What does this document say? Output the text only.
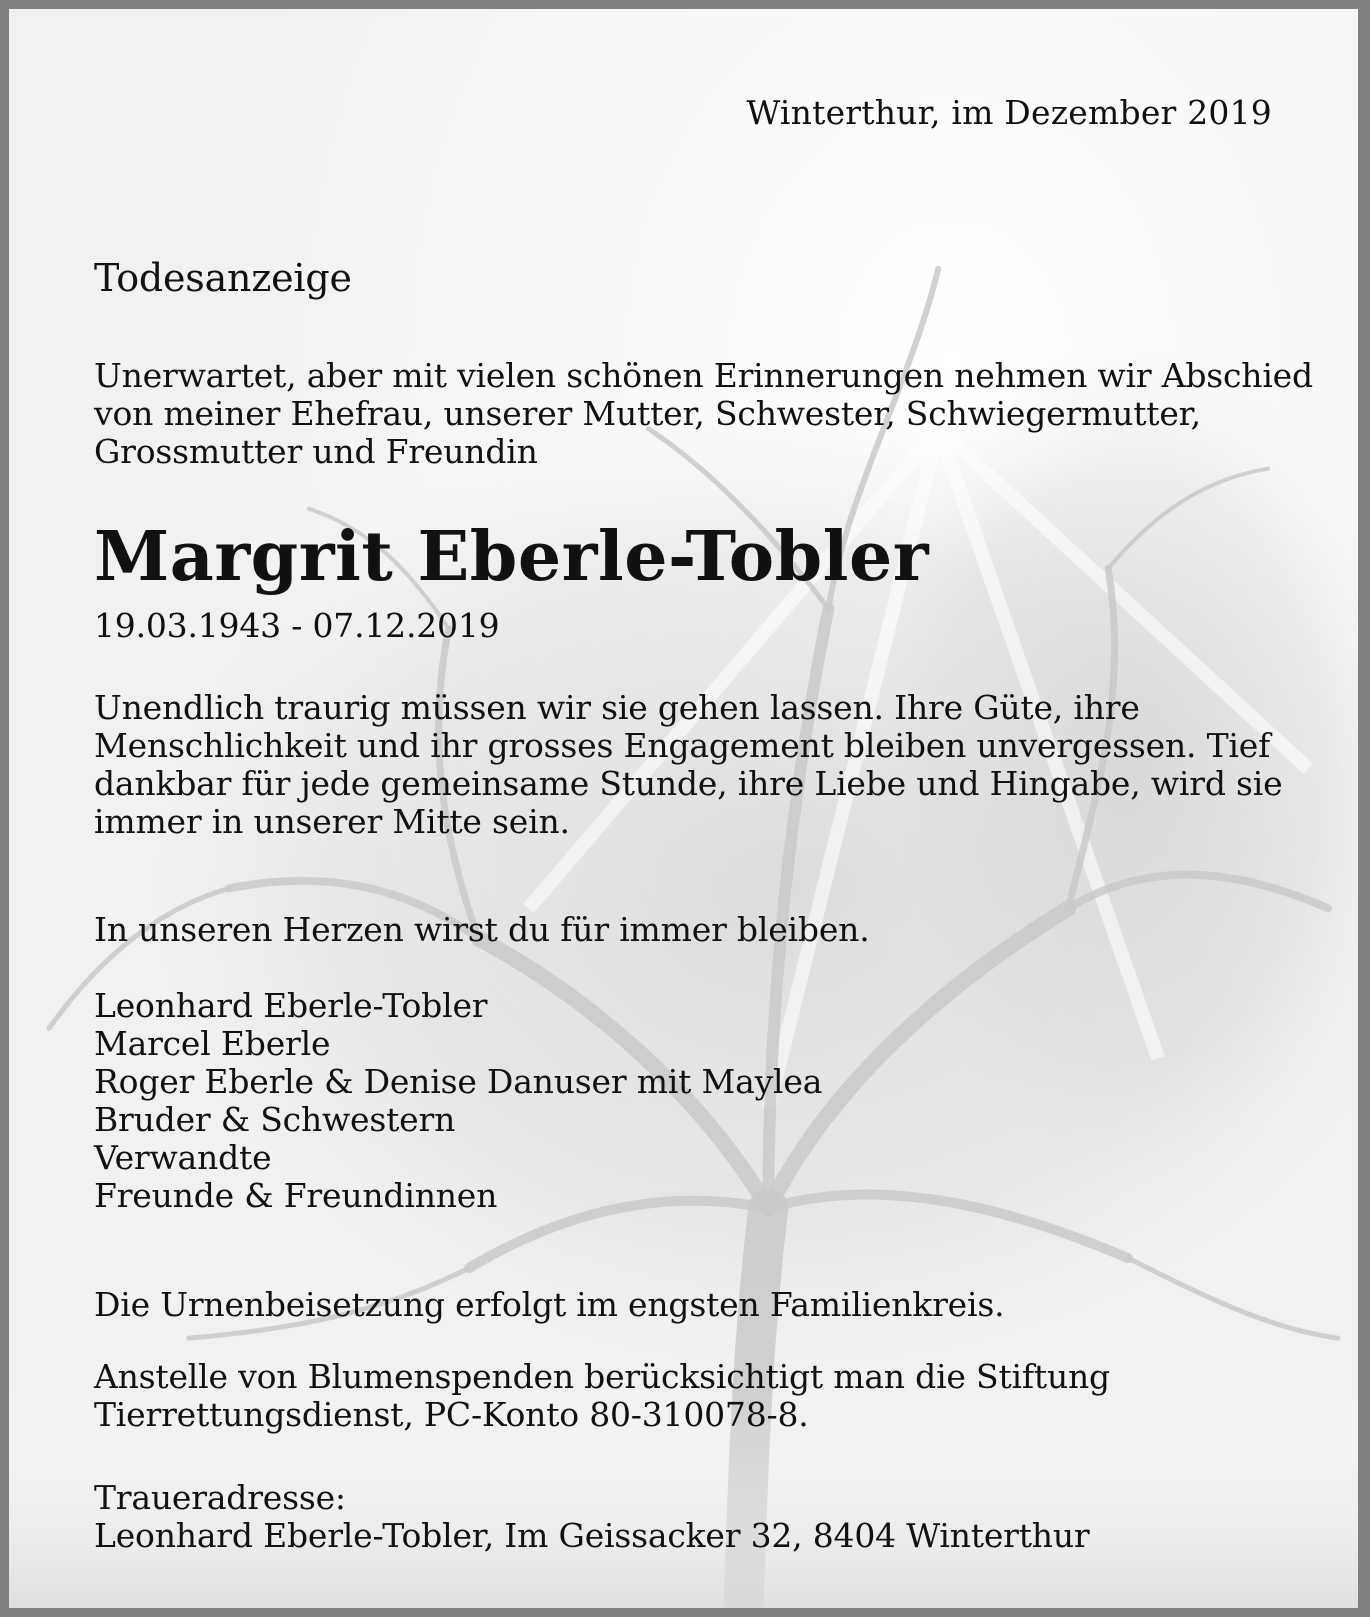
Winterthur, im Dezember 2019
Todesanzeige
Unerwartet, aber mit vielen schönen Erinnerungen nehmen wir Abschied
von meiner Ehefrau, unserer Mutter, Schwester, Schwiegermutter,
Grossmutter und Freundin
Margrit Eberle-Tobler
19.03.1943 - 07.12.2019
Unendlich traurig müssen wir sie gehen lassen. Ihre Güte, ihre
Menschlichkeit und ihr grosses Engagement bleiben unvergessen. Tief
dankbar für jede gemeinsame Stunde, ihre Liebe und Hingabe, wird sie
immer in unserer Mitte sein.
In unseren Herzen wirst du für immer bleiben.
Leonhard Eberle-Tobler
Marcel Eberle
Roger Eberle & Denise Danuser mit Maylea
Bruder & Schwestern
Verwandte
Freunde & Freundinnen
Die Urnenbeisetzung erfolgt im engsten Familienkreis.
Anstelle von Blumenspenden berücksichtigt man die Stiftung
Tierrettungsdienst, PC-Konto 80-310078-8.
Traueradresse:
Leonhard Eberle-Tobler, Im Geissacker 32, 8404 Winterthur
